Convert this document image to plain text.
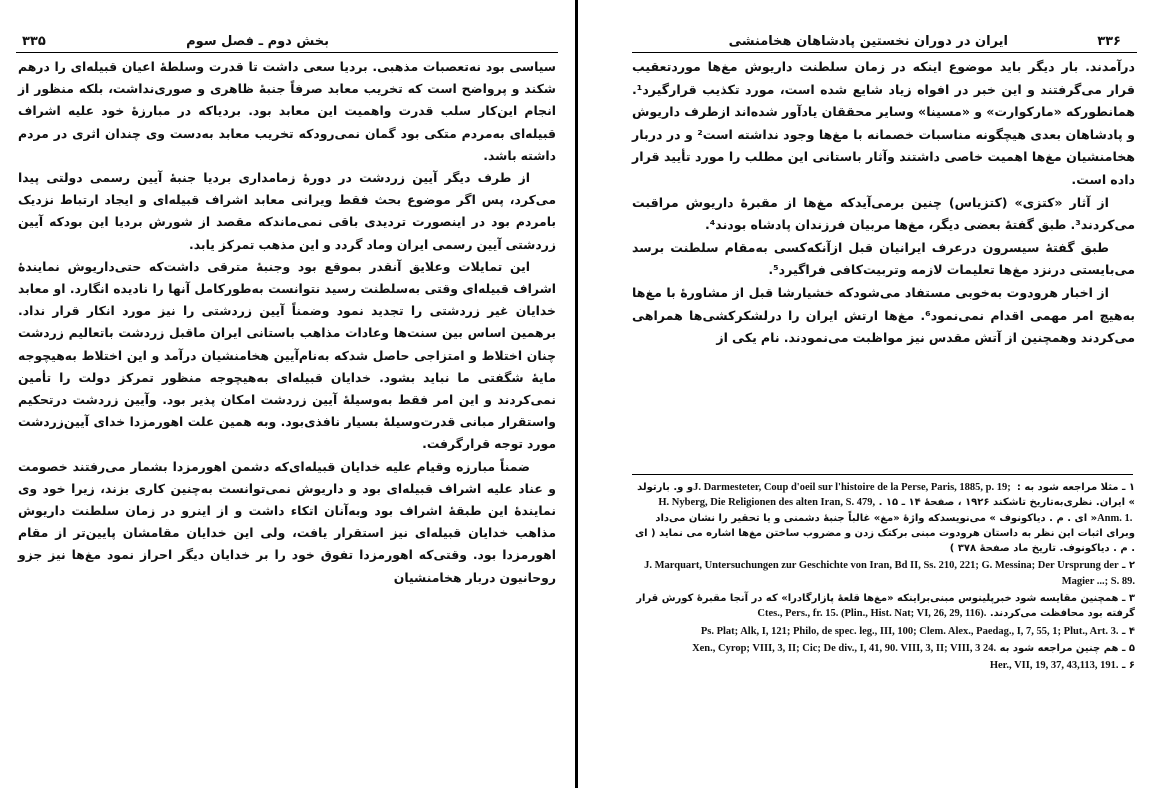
۳۳۵	بخش دوم ـ فصل سوم

سیاسی بود نه‌تعصبات مذهبی. بردیا سعی داشت تا قدرت وسلطهٔ اعیان قبیله‌ای را درهم شکند و پرواضح است که تخریب معابد صرفاً جنبهٔ ظاهری و صوری‌نداشت، بلکه منظور از انجام این‌کار سلب قدرت واهمیت این معابد بود. بردیاکه در مبارزهٔ خود علیه اشراف قبیله‌ای به‌مردم متکی بود گمان نمی‌رودکه تخریب معابد به‌دست وی چندان اثری در مردم داشته باشد.

از طرف دیگر آیین زردشت در دورهٔ زمامداری بردیا جنبهٔ آیین رسمی دولتی پیدا می‌کرد، پس اگر موضوع بحث فقط ویرانی معابد اشراف قبیله‌ای و ایجاد ارتباط نزدیک بامردم بود در اینصورت تردیدی باقی نمی‌ماندکه مقصد از شورش بردیا این بودکه آیین زردشتی آیین رسمی ایران وماد گردد و این مذهب تمرکز یابد.

این تمایلات وعلایق آنقدر بموقع بود وجنبهٔ مترقی داشت‌که حتی‌داریوش نمایندهٔ اشراف قبیله‌ای وقتی به‌سلطنت رسید نتوانست به‌طورکامل آنها را نادیده انگارد. او معابد خدایان غیر زردشتی را تجدید نمود وضمناً آیین زردشتی را نیز مورد انکار قرار نداد. برهمین اساس بین سنت‌ها وعادات مذاهب باستانی ایران ماقبل زردشت باتعالیم زردشت چنان اختلاط و امتزاجی حاصل شدکه به‌نام‌آیین هخامنشیان درآمد و این اختلاط به‌هیچوجه مایهٔ شگفتی ما نباید بشود. خدایان قبیله‌ای به‌هیچوجه منظور تمرکز دولت را تأمین نمی‌کردند و این امر فقط به‌وسیلهٔ آیین زردشت امکان پذیر بود. وآیین زردشت درتحکیم واستقرار مبانی قدرت‌وسیلهٔ بسیار نافذی‌بود. وبه همین علت اهورمزدا خدای آیین‌زردشت مورد توجه قرارگرفت.

ضمناً مبارزه وقیام علیه خدایان قبیله‌ای‌که دشمن اهورمزدا بشمار می‌رفتند خصومت و عناد علیه اشراف قبیله‌ای بود و داریوش نمی‌توانست به‌چنین کاری بزند، زیرا خود وی نمایندهٔ این طبقهٔ اشراف بود وبه‌آنان اتکاء داشت و از اینرو در زمان سلطنت داریوش مذاهب خدایان قبیله‌ای نیز استقرار یافت، ولی این خدایان مقامشان پایین‌تر از مقام اهورمزدا بود. وقتی‌که اهورمزدا تفوق خود را بر خدایان دیگر احراز نمود مغ‌ها نیز جزو روحانیون دربار هخامنشیان

۳۳۶
ایران در دوران نخستین پادشاهان هخامنشی

درآمدند. بار دیگر باید موضوع اینکه در زمان سلطنت داریوش مغ‌ها موردتعقیب قرار می‌گرفتند و این خبر در افواه زیاد شایع شده است، مورد تکذیب قرارگیرد¹. همانطورکه «مارکوارت» و «مسینا» وسایر محققان یادآور شده‌اند ازطرف داریوش و پادشاهان بعدی هیچگونه مناسبات خصمانه با مغ‌ها وجود نداشته است² و در دربار هخامنشیان مغ‌ها اهمیت خاصی داشتند وآثار باستانی این مطلب را مورد تأیید قرار داده است.

از آثار «کتزی» (کتزیاس) چنین برمی‌آیدکه مغ‌ها از مقبرهٔ داریوش مراقبت می‌کردند³. طبق گفتهٔ بعضی دیگر، مغ‌ها مربیان فرزندان پادشاه بودند⁴.

طبق گفتهٔ سیسرون درعرف ایرانیان قبل ازآنکه‌کسی به‌مقام سلطنت برسد می‌بایستی درنزد مغ‌ها تعلیمات لازمه وتربیت‌کافی فراگیرد⁵.

از اخبار هرودوت به‌خوبی مستفاد می‌شودکه خشیارشا قبل از مشاورهٔ با مغ‌ها به‌هیچ امر مهمی اقدام نمی‌نمود⁶. مغ‌ها ارتش ایران را درلشکرکشی‌ها همراهی می‌کردند وهمچنین از آتش مقدس نیز مواظبت می‌نمودند. نام یکی از

۱ ـ مثلا مراجعه شود به : J. Darmesteter, Coup d'oeil sur l'histoire de la Perse, Paris, 1885, p. 19; و و. بارتولد » ایران. نظری‌به‌تاریخ تاشکند ۱۹۲۶ ، صفحهٔ ۱۴ ـ ۱۵ . H. Nyberg, Die Religionen des alten Iran, S. 479, Anm. 1. « ای . م . دیاکونوف » می‌نویسدکه واژهٔ «مغ» غالباً جنبهٔ دشمنی و یا تحقیر را نشان می‌داد وبرای اثبات این نظر به داستان هرودوت مبنی برکتک زدن و مضروب ساختن مغ‌ها اشاره می نماید ( ای . م . دیاکونوف. تاریخ ماد صفحهٔ ۳۷۸ )

۲ ـ J. Marquart, Untersuchungen zur Geschichte von Iran, Bd II, Ss. 210, 221; G. Messina; Der Ursprung der Magier ...; S. 89.

۳ ـ همچنین مقایسه شود خبرپلینوس مبنی‌براینکه «مغ‌ها قلعهٔ پازارگادرا» که در آنجا مقبرهٔ کورش قرار گرفته بود محافظت می‌کردند. Ctes., Pers., fr. 15. (Plin., Hist. Nat; VI, 26, 29, 116).

۴ ـ Ps. Plat; Alk, I, 121; Philo, de spec. leg., III, 100; Clem. Alex., Paedag., I, 7, 55, 1; Plut., Art. 3.

۵ ـ هم چنین مراجعه شود به Xen., Cyrop; VIII, 3, II; Cic; De div., I, 41, 90. VIII, 3, II; VIII, 3 24.

۶ ـ Her., VII, 19, 37, 43,113, 191.
